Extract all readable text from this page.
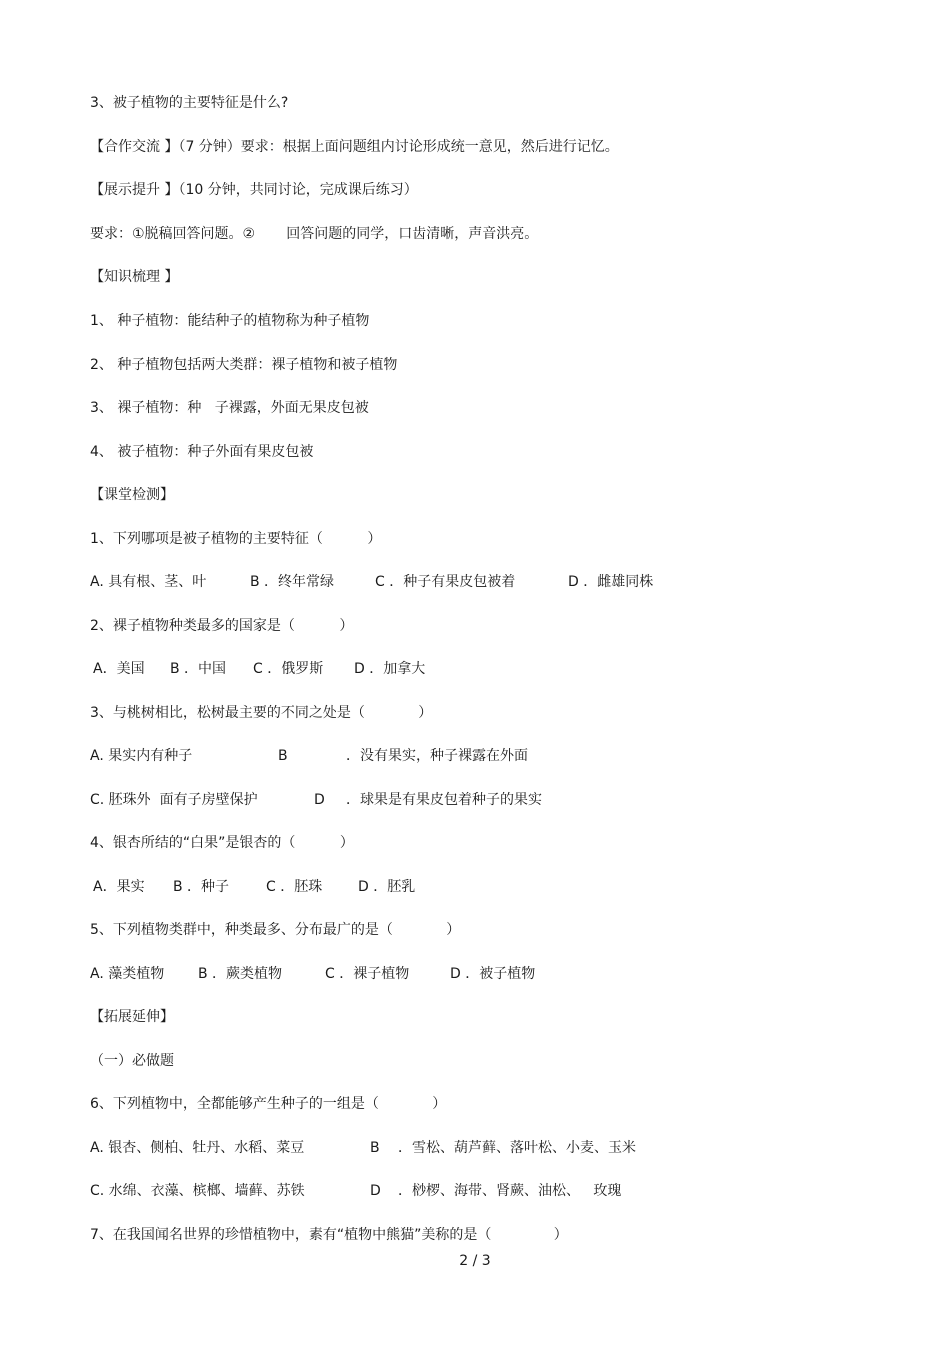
3、被子植物的主要特征是什么?
【合作交流 】（7 分钟）要求：根据上面问题组内讨论形成统一意见，然后进行记忆。
【展示提升 】（10 分钟，共同讨论，完成课后练习）
要求：①脱稿回答问题。②       回答问题的同学，口齿清晰，声音洪亮。
【知识梳理 】
1、 种子植物：能结种子的植物称为种子植物
2、 种子植物包括两大类群：裸子植物和被子植物
3、 裸子植物：种   子裸露，外面无果皮包被
4、 被子植物：种子外面有果皮包被
【课堂检测】
1、下列哪项是被子植物的主要特征（          ）

A. 具有根、茎、叶

	B ．终年常绿

	C ．种子有果皮包被着

	D ．雌雄同株

2、裸子植物种类最多的国家是（          ）

A．美国

B ．中国

C ．俄罗斯

D ．加拿大

3、与桃树相比，松树最主要的不同之处是（            ）

A. 果实内有种子

	B

	．没有果实，种子裸露在外面

C. 胚珠外  面有子房壁保护

	D

．球果是有果皮包着种子的果实

4、银杏所结的“白果”是银杏的（          ）

A．果实

B ．种子

	C ．胚珠

	D ．胚乳

5、下列植物类群中，种类最多、分布最广的是（            ）

A. 藻类植物

B ．蕨类植物

	C ．裸子植物

	D ．被子植物

【拓展延伸】
（一）必做题
6、下列植物中，全都能够产生种子的一组是（            ）

A. 银杏、侧柏、牡丹、水稻、菜豆

	B

．雪松、葫芦藓、落叶松、小麦、玉米

C. 水绵、衣藻、槟榔、墙藓、苏铁

	D

．桫椤、海带、肾蕨、油松、   玫瑰

7、在我国闻名世界的珍惜植物中，素有“植物中熊猫”美称的是（              ）
2 / 3
